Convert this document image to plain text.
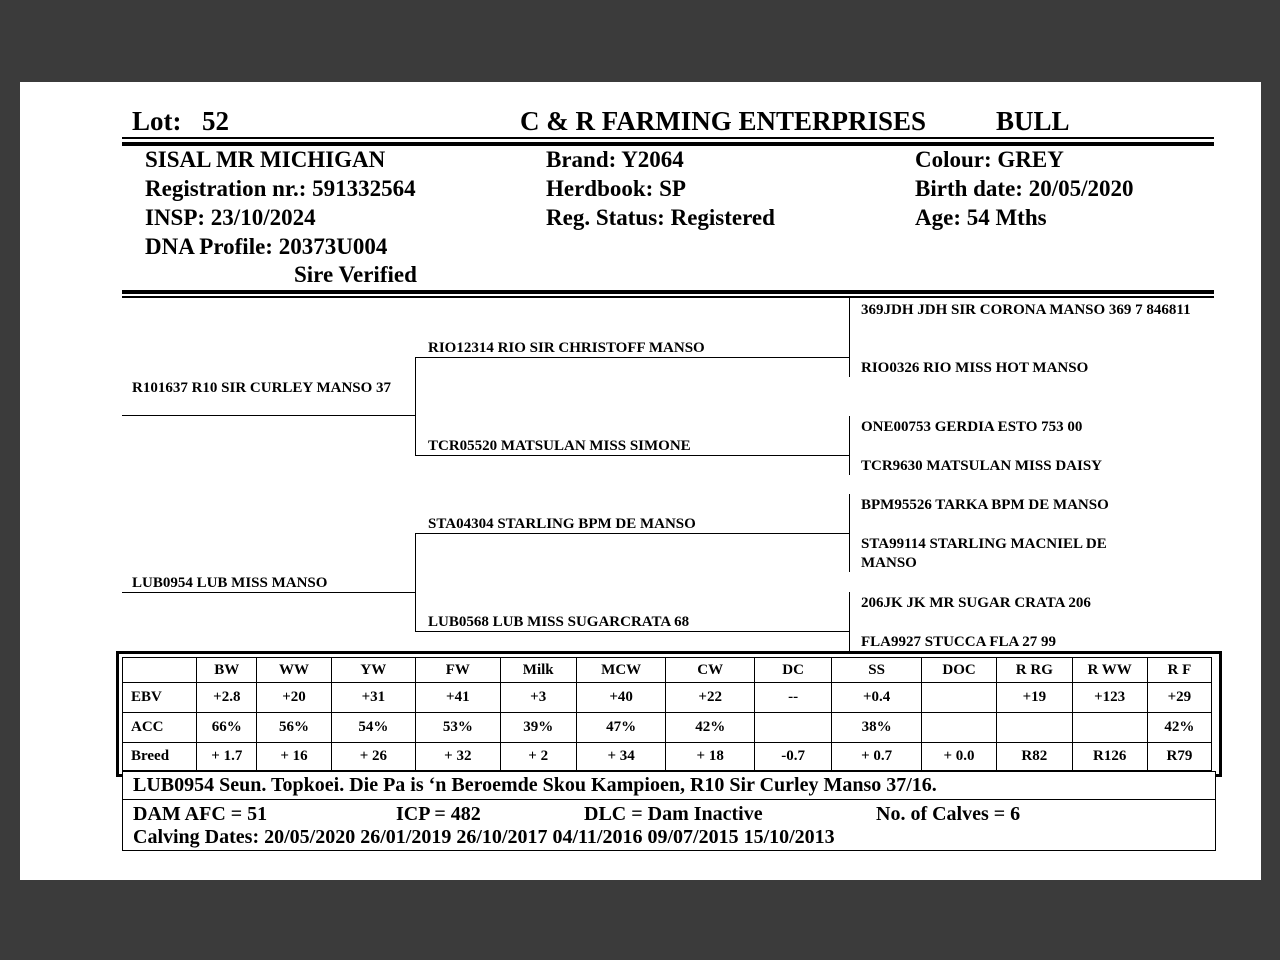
Lot: 52	C & R FARMING ENTERPRISES	BULL
SISAL MR MICHIGAN
Registration nr.: 591332564
INSP: 23/10/2024
DNA Profile: 20373U004
Sire Verified
Brand: Y2064
Herdbook: SP
Reg. Status: Registered
Colour: GREY
Birth date: 20/05/2020
Age: 54 Mths
R101637 R10 SIR CURLEY MANSO 37
LUB0954 LUB MISS MANSO
RIO12314 RIO SIR CHRISTOFF MANSO
TCR05520 MATSULAN MISS SIMONE
STA04304 STARLING BPM DE MANSO
LUB0568 LUB MISS SUGARCRATA 68
369JDH JDH SIR CORONA MANSO 369 7 846811
RIO0326 RIO MISS HOT MANSO
ONE00753 GERDIA ESTO 753 00
TCR9630 MATSULAN MISS DAISY
BPM95526 TARKA BPM DE MANSO
STA99114 STARLING MACNIEL DE MANSO
206JK JK MR SUGAR CRATA 206
FLA9927 STUCCA FLA 27 99
	BW	WW	YW	FW	Milk	MCW	CW	DC	SS	DOC	R RG	R WW	R F
EBV	+2.8	+20	+31	+41	+3	+40	+22	--	+0.4		+19	+123	+29
ACC	66%	56%	54%	53%	39%	47%	42%		38%				42%
Breed	+ 1.7	+ 16	+ 26	+ 32	+ 2	+ 34	+ 18	-0.7	+ 0.7	+ 0.0	R82	R126	R79
LUB0954 Seun. Topkoei. Die Pa is ‘n Beroemde Skou Kampioen, R10 Sir Curley Manso 37/16.
DAM AFC = 51	ICP = 482	DLC = Dam Inactive	No. of Calves = 6
Calving Dates: 20/05/2020 26/01/2019 26/10/2017 04/11/2016 09/07/2015 15/10/2013
